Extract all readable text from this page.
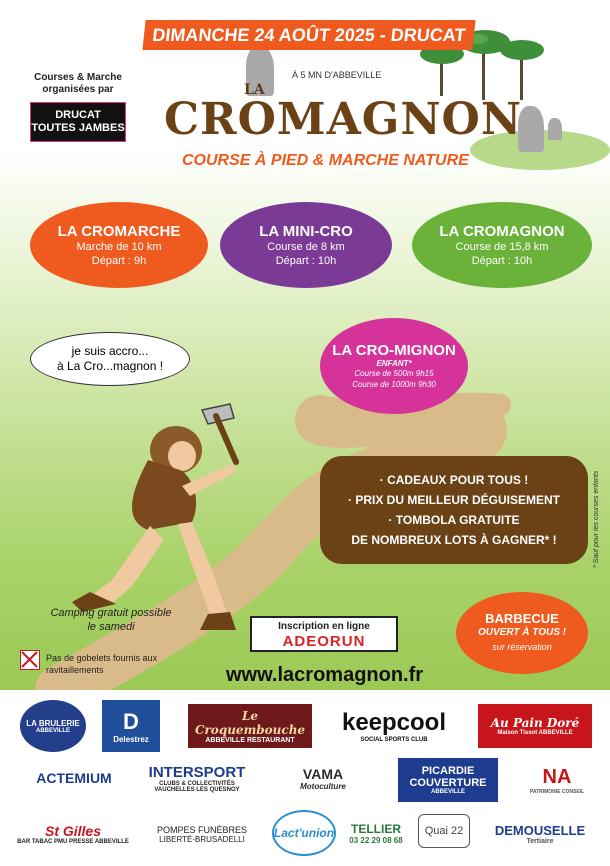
DIMANCHE 24 AOÛT 2025 - DRUCAT
Courses & Marche organisées par
DRUCAT
TOUTES JAMBES
À 5 MN D'ABBEVILLE
LA
CROMAGNON
COURSE À PIED & MARCHE NATURE
LA CROMARCHE
Marche de 10 km
Départ : 9h
LA MINI-CRO
Course de 8 km
Départ : 10h
LA CROMAGNON
Course de 15,8 km
Départ : 10h
LA CRO-MIGNON
ENFANT*
Course de 500m 9h15
Course de 1000m 9h30
je suis accro...
à La Cro...magnon !
· CADEAUX POUR TOUS !
· PRIX DU MEILLEUR DÉGUISEMENT
· TOMBOLA GRATUITE
DE NOMBREUX LOTS À GAGNER* !	* Sauf pour les courses enfants
Camping gratuit possible le samedi
Pas de gobelets fournis aux ravitaillements
Inscription en ligne
ADEORUN
BARBECUE
OUVERT À TOUS !
sur réservation
www.lacromagnon.fr
LA BRULERIE
ABBEVILLE D
Delestrez
Le Croquembouche
ABBEVILLE RESTAURANT
keepcool
SOCIAL SPORTS CLUB
Au Pain Doré
Maison Tissot ABBEVILLE
ACTEMIUM INTERSPORT
CLUBS & COLLECTIVITÉS VAUCHELLES LES QUESNOY
VAMA
Motoculture
PICARDIE COUVERTURE
ABBEVILLE
NA
PATRIMOINE CONSEIL
St Gilles
BAR TABAC PMU PRESSE ABBEVILLE
POMPES FUNÈBRES
LIBERTÉ-BRUSADELLI Lact'union TELLIER
03 22 29 08 68
Quai 22 DEMOUSELLE
Tertiaire
